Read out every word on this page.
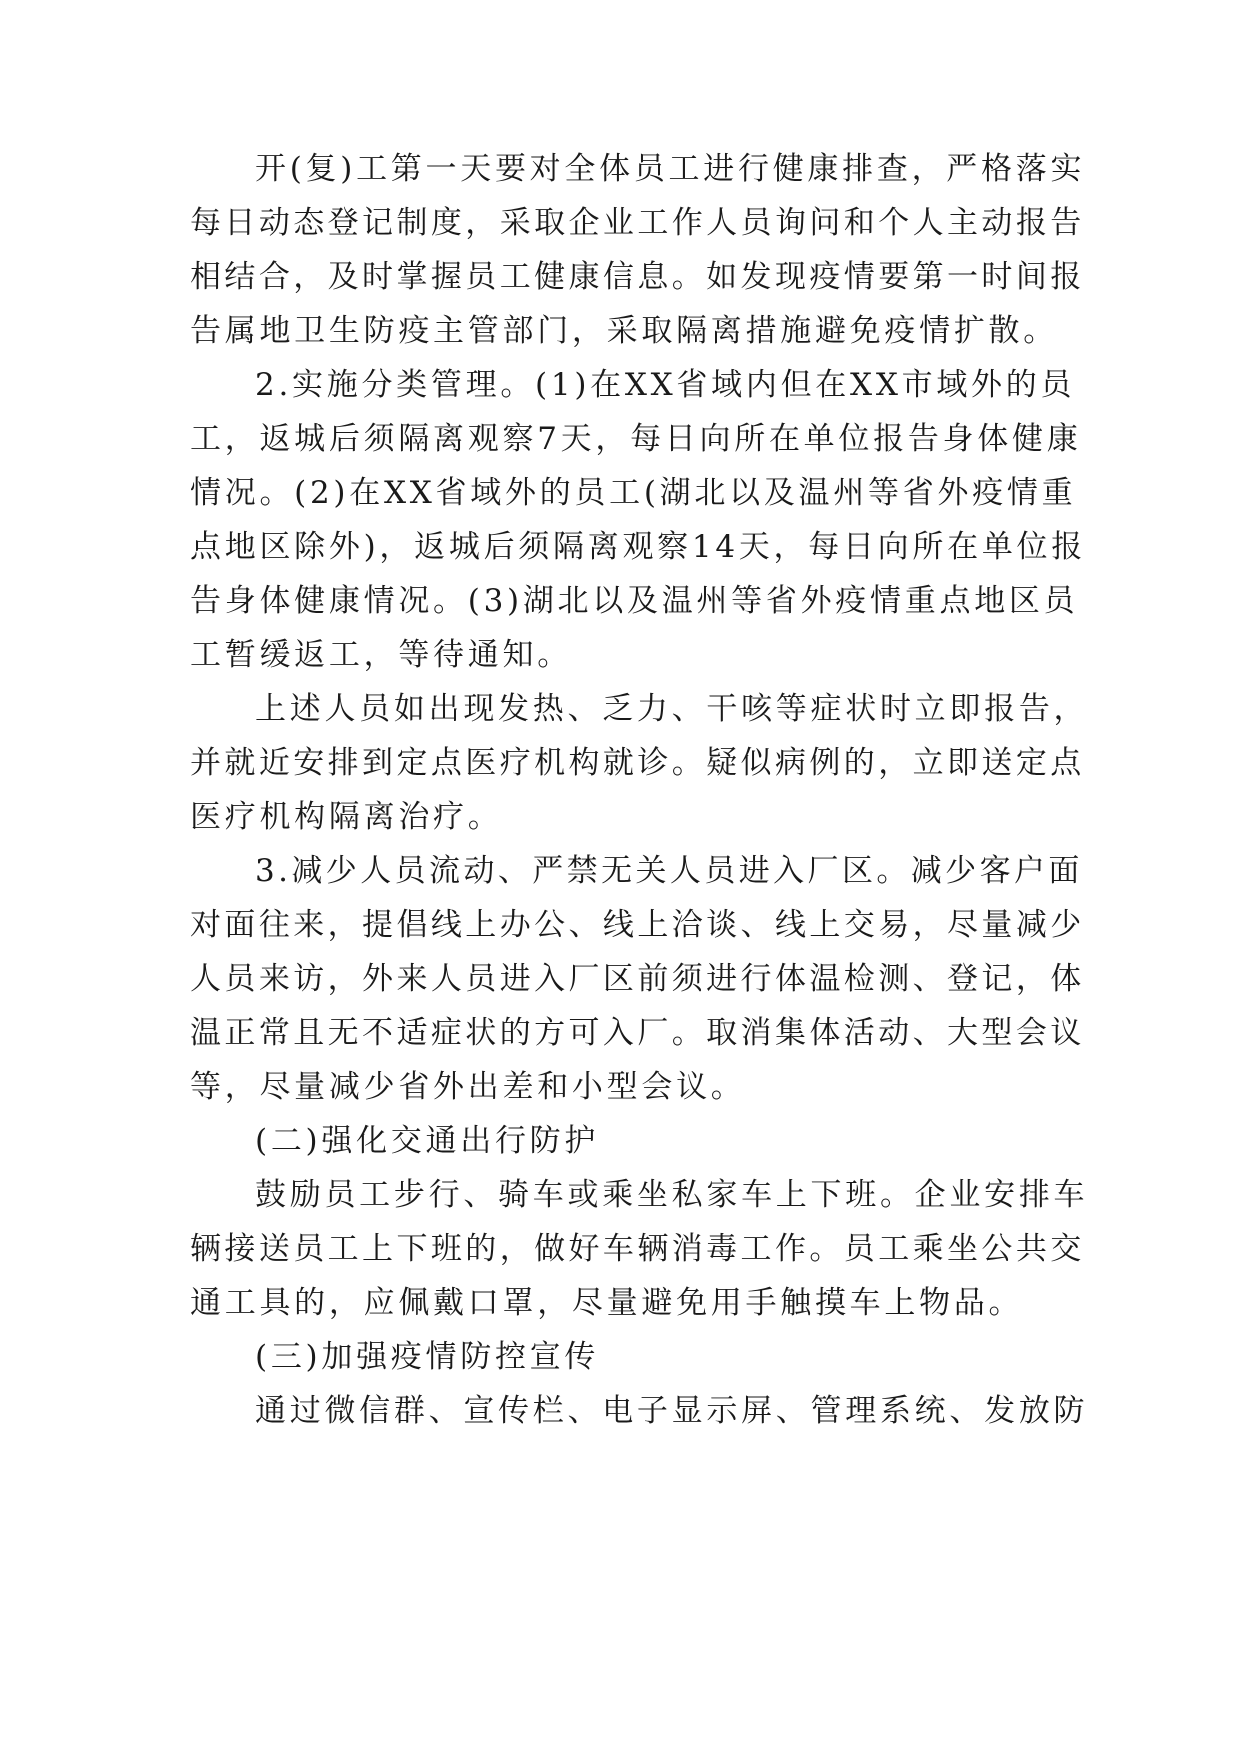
开(复)工第一天要对全体员工进行健康排查，严格落实
每日动态登记制度，采取企业工作人员询问和个人主动报告
相结合，及时掌握员工健康信息。如发现疫情要第一时间报
告属地卫生防疫主管部门，采取隔离措施避免疫情扩散。
2.实施分类管理。(1)在XX省域内但在XX市域外的员
工，返城后须隔离观察7天，每日向所在单位报告身体健康
情况。(2)在XX省域外的员工(湖北以及温州等省外疫情重
点地区除外)，返城后须隔离观察14天，每日向所在单位报
告身体健康情况。(3)湖北以及温州等省外疫情重点地区员
工暂缓返工，等待通知。
上述人员如出现发热、乏力、干咳等症状时立即报告，
并就近安排到定点医疗机构就诊。疑似病例的，立即送定点
医疗机构隔离治疗。
3.减少人员流动、严禁无关人员进入厂区。减少客户面
对面往来，提倡线上办公、线上洽谈、线上交易，尽量减少
人员来访，外来人员进入厂区前须进行体温检测、登记，体
温正常且无不适症状的方可入厂。取消集体活动、大型会议
等，尽量减少省外出差和小型会议。
(二)强化交通出行防护
鼓励员工步行、骑车或乘坐私家车上下班。企业安排车
辆接送员工上下班的，做好车辆消毒工作。员工乘坐公共交
通工具的，应佩戴口罩，尽量避免用手触摸车上物品。
(三)加强疫情防控宣传
通过微信群、宣传栏、电子显示屏、管理系统、发放防
